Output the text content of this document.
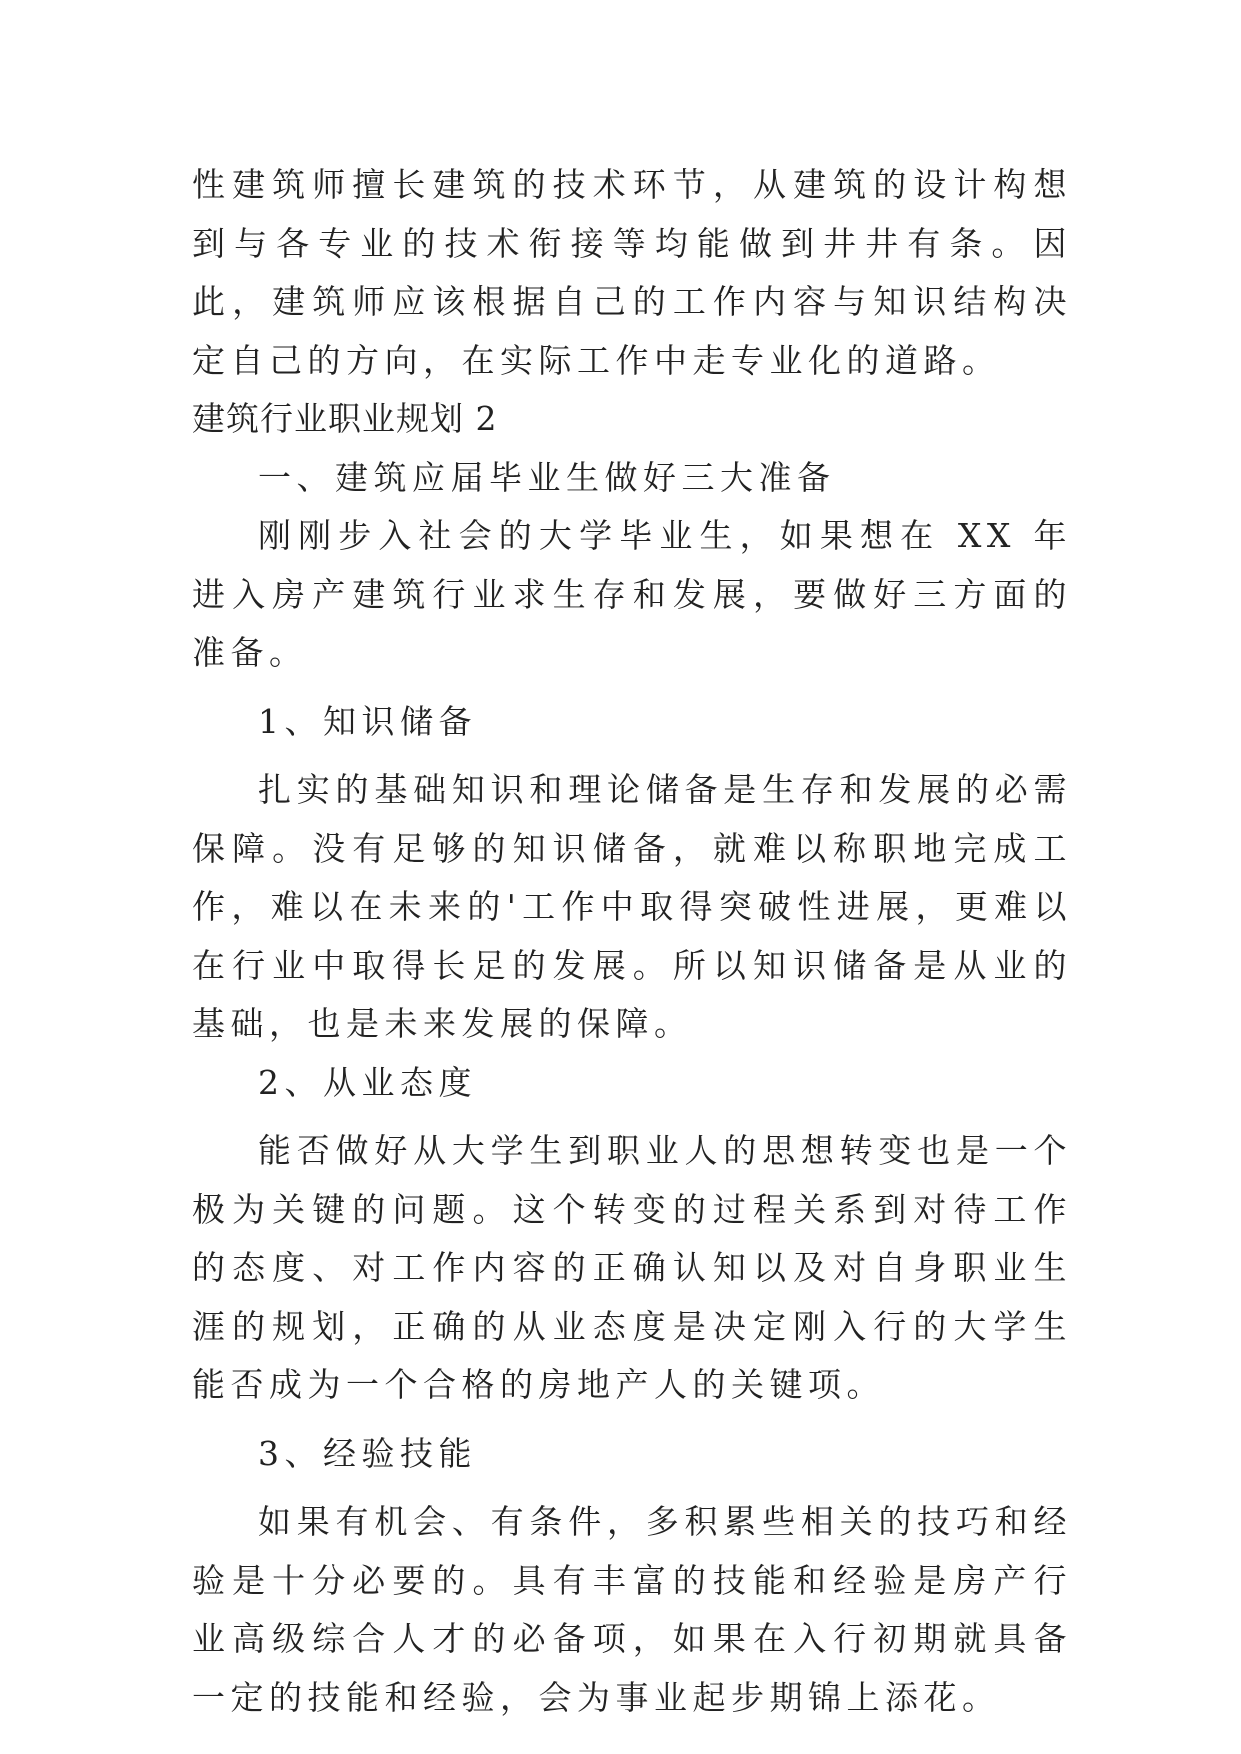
性建筑师擅长建筑的技术环节，从建筑的设计构想到与各专业的技术衔接等均能做到井井有条。因此，建筑师应该根据自己的工作内容与知识结构决定自己的方向，在实际工作中走专业化的道路。

建筑行业职业规划 2

一、建筑应届毕业生做好三大准备

刚刚步入社会的大学毕业生，如果想在 XX 年进入房产建筑行业求生存和发展，要做好三方面的准备。

1、知识储备

扎实的基础知识和理论储备是生存和发展的必需保障。没有足够的知识储备，就难以称职地完成工作，难以在未来的'工作中取得突破性进展，更难以在行业中取得长足的发展。所以知识储备是从业的基础，也是未来发展的保障。

2、从业态度

能否做好从大学生到职业人的思想转变也是一个极为关键的问题。这个转变的过程关系到对待工作的态度、对工作内容的正确认知以及对自身职业生涯的规划，正确的从业态度是决定刚入行的大学生能否成为一个合格的房地产人的关键项。

3、经验技能

如果有机会、有条件，多积累些相关的技巧和经验是十分必要的。具有丰富的技能和经验是房产行业高级综合人才的必备项，如果在入行初期就具备一定的技能和经验，会为事业起步期锦上添花。
